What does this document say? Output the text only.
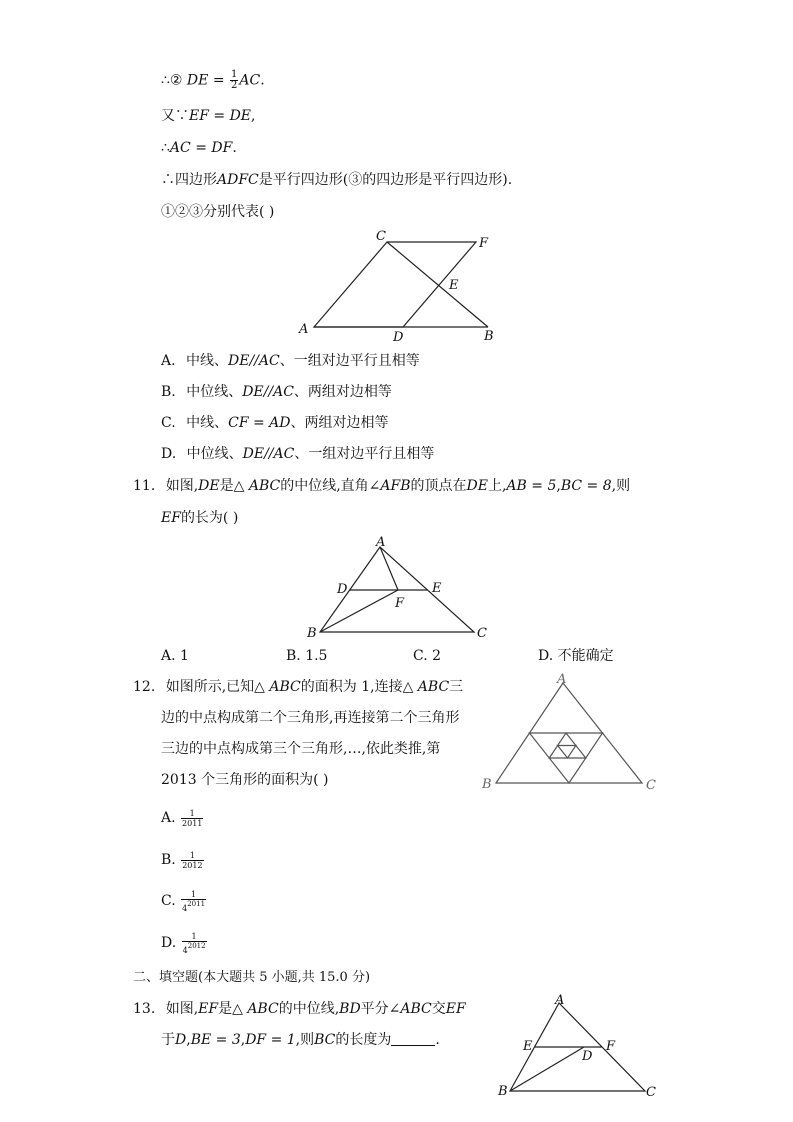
∴② DE = $\frac{1}{2}$ AC.
又∵EF = DE,
∴AC = DF.
∴四边形ADFC是平行四边形(③的四边形是平行四边形).
①②③分别代表( )
C	F
E
A
D	B
A. 中线、DE//AC、一组对边平行且相等
B. 中位线、DE//AC、两组对边相等
C. 中线、CF = AD、两组对边相等
D. 中位线、DE//AC、一组对边平行且相等
11. 如图,DE是△ ABC的中位线,直角∠AFB的顶点在DE上,AB = 5,BC = 8,则
EF的长为( )
A
D	E
F
B	C
A. 1	B. 1.5	C. 2	D. 不能确定
12. 如图所示,已知△ ABC的面积为 1,连接△ ABC三
边的中点构成第二个三角形,再连接第二个三角形
三边的中点构成第三个三角形,…,依此类推,第
2013 个三角形的面积为( )
A
B	C
A. $\frac{1}{2011}$
B. $\frac{1}{2012}$
C. $\frac{1}{42011}$
D. $\frac{1}{42012}$
二、填空题(本大题共 5 小题,共 15.0 分)
13. 如图,EF是△ ABC的中位线,BD平分∠ABC交EF
于D,BE = 3,DF = 1,则BC的长度为	.
A
E
D
F
B	C
